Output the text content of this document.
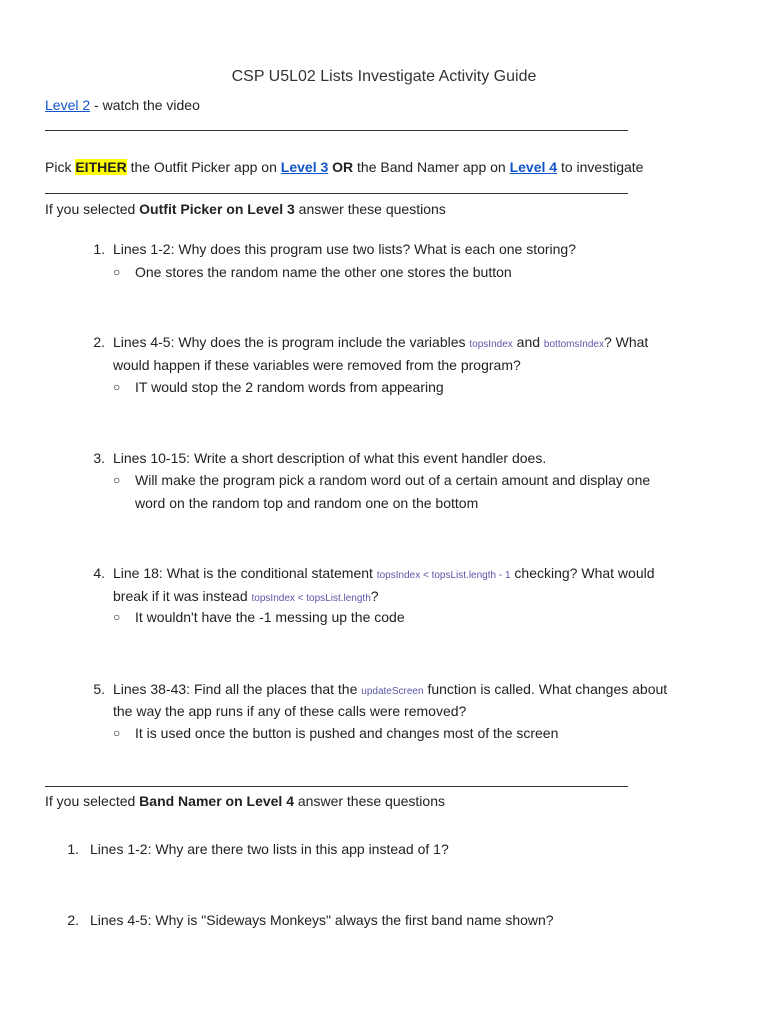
CSP U5L02 Lists Investigate Activity Guide
Level 2 - watch the video
Pick EITHER the Outfit Picker app on Level 3 OR the Band Namer app on Level 4 to investigate
If you selected Outfit Picker on Level 3 answer these questions
1. Lines 1-2: Why does this program use two lists? What is each one storing?
○ One stores the random name the other one stores the button
2. Lines 4-5: Why does the is program include the variables topsIndex and bottomsIndex? What
would happen if these variables were removed from the program?
○ IT would stop the 2 random words from appearing
3. Lines 10-15: Write a short description of what this event handler does.
○ Will make the program pick a random word out of a certain amount and display one
word on the random top and random one on the bottom
4. Line 18: What is the conditional statement topsIndex < topsList.length - 1 checking? What would
break if it was instead topsIndex < topsList.length?
○ It wouldn't have the -1 messing up the code
5. Lines 38-43: Find all the places that the updateScreen function is called. What changes about
the way the app runs if any of these calls were removed?
○ It is used once the button is pushed and changes most of the screen
If you selected Band Namer on Level 4 answer these questions
1. Lines 1-2: Why are there two lists in this app instead of 1?
2. Lines 4-5: Why is "Sideways Monkeys" always the first band name shown?
